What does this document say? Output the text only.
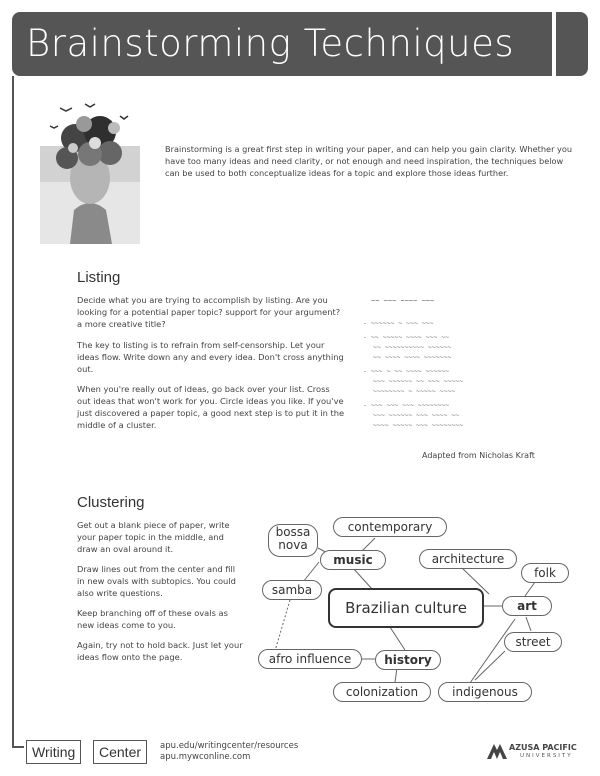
Brainstorming Techniques

Brainstorming is a great first step in writing your paper, and can help you gain clarity. Whether you have too many ideas and need clarity, or not enough and need inspiration, the techniques below can be used to both conceptualize ideas for a topic and explore those ideas further.

Listing

Decide what you are trying to accomplish by listing. Are you looking for a potential paper topic? support for your argument? a more creative title?

The key to listing is to refrain from self-censorship. Let your ideas flow. Write down any and every idea. Don't cross anything out.

When you're really out of ideas, go back over your list. Cross out ideas that won't work for you. Circle ideas you like. If you've just discovered a paper topic, a good next step is to put it in the middle of a cluster.

~~ ~~~ ~~~~ ~~~
- ~~~~~~ ~ ~~~ ~~~
- ~~ ~~~~~ ~~~~ ~~~ ~~
~~ ~~~~~~~~~~ ~~~~~~
~~ ~~~~ ~~~~ ~~~~~~~
- ~~~ ~ ~~ ~~~~ ~~~~~~
~~~ ~~~~~~ ~~ ~~~ ~~~~~
~~~~~~~~ ~ ~~~~~ ~~~~
- ~~~ ~~~ ~~~ ~~~~~~~~
~~~ ~~~~~~ ~~~ ~~~~ ~~
~~~~ ~~~~~ ~~~ ~~~~~~~~
Adapted from Nicholas Kraft
Clustering

Get out a blank piece of paper, write your paper topic in the middle, and draw an oval around it.

Draw lines out from the center and fill in new ovals with subtopics. You could also write questions.

Keep branching off of these ovals as new ideas come to you.

Again, try not to hold back. Just let your ideas flow onto the page.

bossa
nova
contemporary
music	architecture
folk
samba
Brazilian culture	art
street
afro influence	history
colonization	indigenous
Writing	Center	apu.edu/writingcenter/resources
apu.mywconline.com
AZUSA PACIFIC
UNIVERSITY
